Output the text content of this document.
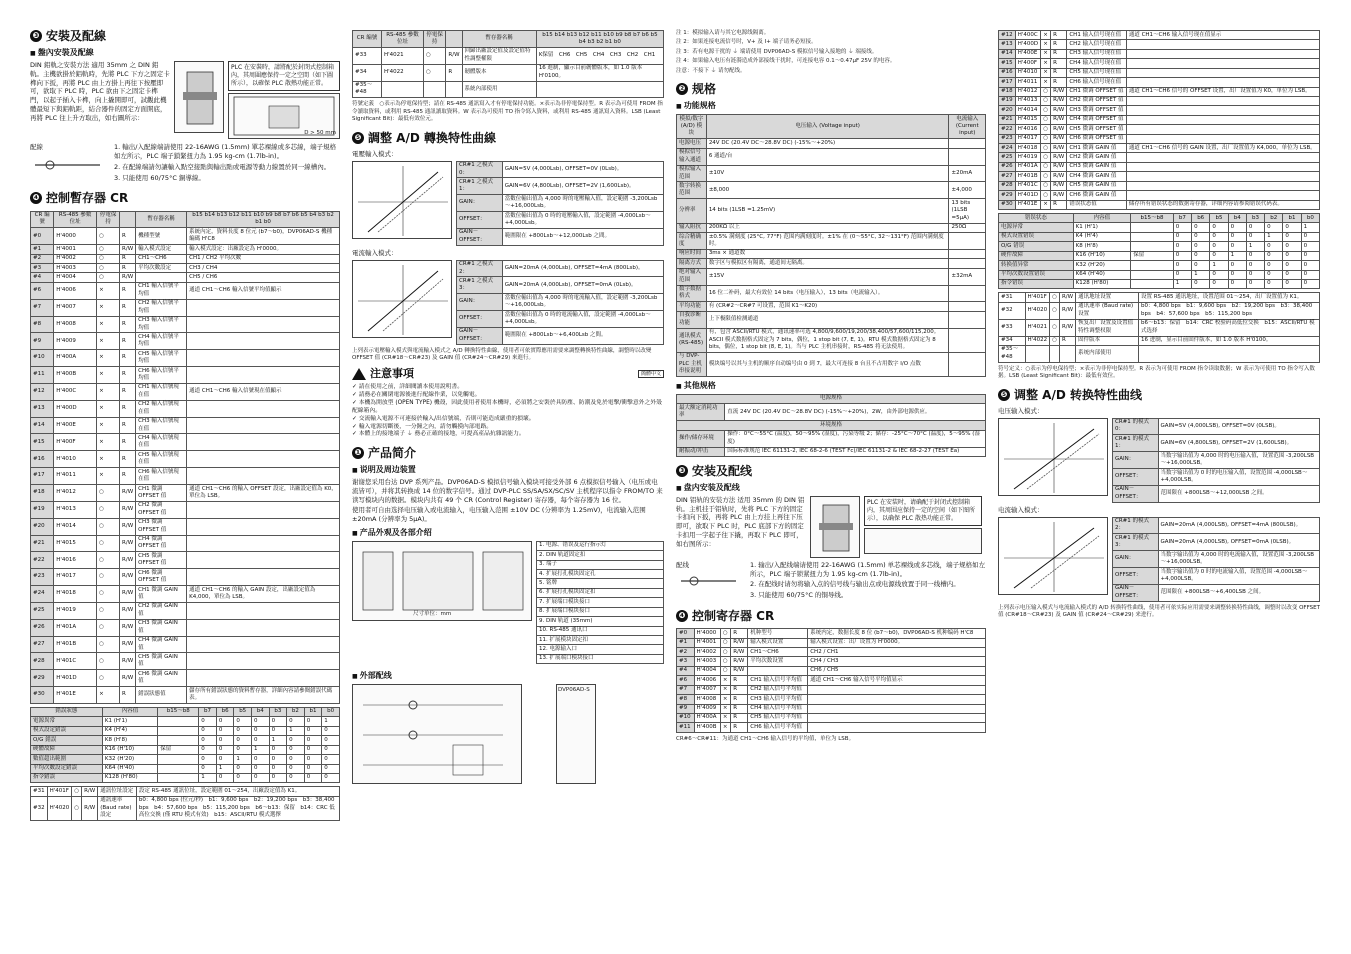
❸ 安裝及配線
■ 盤內安裝及配線

DIN 鋁軌之安裝方法 適用 35mm 之 DIN 鋁軌。主機欲掛於鋁軌時，先將 PLC 下方之固定卡榫向下扳，再將 PLC 由上方掛上再往下按壓即可，欲取下 PLC 時，PLC 欲由下之固定卡榫門，以起子插入卡榫，向上撬開即可，試觀此機體最短下與鋁軌距，結合器件的固定方面開底，再將 PLC 往上升方取出，如右圖所示：

PLC 在安裝時，請將配於封閉式控制箱內，其周圍應保持一定之空間（如下圖所示），以確保 PLC 散熱功能正常。
D > 50 mm
配線	1. 輸出/入配線端請使用 22-16AWG (1.5mm) 單芯裸線或多芯線，端子規格如左所示，PLC 端子鎖緊扭力為 1.95 kg-cm (1.7lb-in)。

2. 在配線端請勿讓輸入點空接點與輸出點或電源等動力線置於同一線槽內。

3. 只能使用 60/75°C 銅導線。

❹ 控制暫存器 CR
CR 編號	RS-485 參數位址	停電保持		暫存器名稱	b15 b14 b13 b12 b11 b10 b9 b8 b7 b6 b5 b4 b3 b2 b1 b0
#0	H'4000	○	R	機種型號	系統內定，資料長度 8 位元 (b7～b0)，DVP06AD-S 機種編碼 H'C8
#1	H'4001	○	R/W	輸入模式設定	輸入模式設定：出廠設定為 H'0000。
#2	H'4002	○	R	CH1～CH6	CH1 / CH2 平均次數
#3	H'4003	○	R	平均次數設定	CH3 / CH4
#4	H'4004	○	R/W		CH5 / CH6
#6	H'4006	×	R	CH1 輸入信號平均值	通道 CH1～CH6 輸入信號平均值顯示
#7	H'4007	×	R	CH2 輸入信號平均值	
#8	H'4008	×	R	CH3 輸入信號平均值	
#9	H'4009	×	R	CH4 輸入信號平均值	
#10	H'400A	×	R	CH5 輸入信號平均值	
#11	H'400B	×	R	CH6 輸入信號平均值	
#12	H'400C	×	R	CH1 輸入信號現在值	通道 CH1～CH6 輸入信號現在值顯示
#13	H'400D	×	R	CH2 輸入信號現在值	
#14	H'400E	×	R	CH3 輸入信號現在值	
#15	H'400F	×	R	CH4 輸入信號現在值	
#16	H'4010	×	R	CH5 輸入信號現在值	
#17	H'4011	×	R	CH6 輸入信號現在值	
#18	H'4012	○	R/W	CH1 微調 OFFSET 值	通道 CH1～CH6 的輸入 OFFSET 設定，出廠設定值為 K0，單位為 LSB。
#19	H'4013	○	R/W	CH2 微調 OFFSET 值	
#20	H'4014	○	R/W	CH3 微調 OFFSET 值	
#21	H'4015	○	R/W	CH4 微調 OFFSET 值	
#22	H'4016	○	R/W	CH5 微調 OFFSET 值	
#23	H'4017	○	R/W	CH6 微調 OFFSET 值	
#24	H'4018	○	R/W	CH1 微調 GAIN 值	通道 CH1～CH6 的輸入 GAIN 設定，出廠設定值為 K4,000，單位為 LSB。
#25	H'4019	○	R/W	CH2 微調 GAIN 值	
#26	H'401A	○	R/W	CH3 微調 GAIN 值	
#27	H'401B	○	R/W	CH4 微調 GAIN 值	
#28	H'401C	○	R/W	CH5 微調 GAIN 值	
#29	H'401D	○	R/W	CH6 微調 GAIN 值	
#30	H'401E	×	R	錯誤狀態值	儲存所有錯誤狀態的資料暫存器，詳細內容請參閱錯誤代碼表。
錯誤狀態	內容值	b15～b8	b7	b6	b5	b4	b3	b2	b1	b0
電源異常	K1 (H'1)		0	0	0	0	0	0	0	1
模式設定錯誤	K4 (H'4)		0	0	0	0	0	1	0	0
O/G 錯誤	K8 (H'8)		0	0	0	0	1	0	0	0
硬體故障	K16 (H'10)	保留	0	0	0	1	0	0	0	0
數值超出範圍	K32 (H'20)		0	0	1	0	0	0	0	0
平均次數設定錯誤	K64 (H'40)		0	1	0	0	0	0	0	0
指令錯誤	K128 (H'80)		1	0	0	0	0	0	0	0
#31	H'401F	○	R/W	通訊位址設定	設定 RS-485 通訊位址，設定範圍 01～254，出廠設定值為 K1。
#32	H'4020	○	R/W	通訊速率 (Baud rate) 設定	b0：4,800 bps (位元/秒)　b1：9,600 bps　b2：19,200 bps　b3：38,400 bps　b4：57,600 bps　b5：115,200 bps　b6～b13：保留　b14：CRC 低高位交換 (僅 RTU 模式有效)　b15：ASCII/RTU 模式選擇
CR 編號	RS-485 參數位址	停電保持		暫存器名稱	b15 b14 b13 b12 b11 b10 b9 b8 b7 b6 b5 b4 b3 b2 b1 b0
#33	H'4021	○	R/W	回歸出廠設定值及設定值特性調整權限	K保留　CH6　CH5　CH4　CH3　CH2　CH1
#34	H'4022	○	R	韌體版本	16 進制，顯示目前韌體版本，如 1.0 版本 H'0100。
#35～#48				系統內部使用	

符號定義　○表示為停電保持型；請在 RS-485 通訊寫入才有停電保持功能。×表示為非停電保持型。R 表示為可使用 FROM 指令讀取資料，或利用 RS-485 通訊讀取資料。W 表示為可使用 TO 指令寫入資料，或利用 RS-485 通訊寫入資料。LSB (Least Significant Bit)：最低有效位元。

❺ 調整 A/D 轉換特性曲線

電壓輸入模式：

CR#1 之模式 0：	GAIN=5V (4,000Lsb), OFFSET=0V (0Lsb)。
CR#1 之模式 1：	GAIN=6V (4,800Lsb), OFFSET=2V (1,600Lsb)。
GAIN：	當數位輸出值為 4,000 時的電壓輸入值，設定範圍 -3,200Lsb～+16,000Lsb。
OFFSET：	當數位輸出值為 0 時的電壓輸入值，設定範圍 -4,000Lsb～+4,000Lsb。
GAIN－OFFSET：	範圍限在 +800Lsb～+12,000Lsb 之間。

電流輸入模式：

CR#1 之模式 2：	GAIN=20mA (4,000Lsb), OFFSET=4mA (800Lsb)。
CR#1 之模式 3：	GAIN=20mA (4,000Lsb), OFFSET=0mA (0Lsb)。
GAIN：	當數位輸出值為 4,000 時的電流輸入值，設定範圍 -3,200Lsb～+16,000Lsb。
OFFSET：	當數位輸出值為 0 時的電流輸入值，設定範圍 -4,000Lsb～+4,000Lsb。
GAIN－OFFSET：	範圍限在 +800Lsb～+6,400Lsb 之間。

上列表示電壓輸入模式與電流輸入模式之 A/D 轉換特性曲線，使用者可依實際應用需要來調整轉換特性曲線，調整時以改變 OFFSET 值 (CR#18～CR#23) 及 GAIN 值 (CR#24～CR#29) 來進行。

注意事項	簡體中文
✓ 請在使用之前，詳細閱讀本使用說明書。
✓ 請務必在關閉電源後進行配線作業，以免觸電。
✓ 本機為開放型 (OPEN TYPE) 機殼，因此使用者使用本機時，必須將之安裝於具防塵、防潮及免於電擊/衝擊意外之外殼配線箱內。
✓ 交流輸入電源不可連接於輸入/出信號端，否則可能造成嚴重的損壞。
✓ 輸入電源切斷後，一分鐘之內，請勿觸摸內部電路。
✓ 本體上的接地端子 ⏚ 務必正確的接地，可提高產品抗雜訊能力。
❶ 产品简介
■ 说明及周边装置

谢谢您采用台达 DVP 系列产品。DVP06AD-S 模拟信号输入模块可接受外部 6 点模拟信号输入（电压或电流皆可），并将其转换成 14 位的数字信号。通过 DVP-PLC SS/SA/SX/SC/SV 主机程序以指令 FROM/TO 来读写模块内的数据。模块内共有 49 个 CR (Control Register) 寄存器，每个寄存器为 16 位。

使用者可自由选择电压输入或电流输入，电压输入范围 ±10V DC (分辨率为 1.25mV)，电流输入范围 ±20mA (分辨率为 5μA)。

■ 产品外观及各部介绍
尺寸单位：mm
1. 电源、错误及运行指示灯
2. DIN 轨道固定扣
3. 端子
4. 扩展打孔模块固定孔
5. 铭牌
6. 扩展打孔模块固定扣
7. 扩展端口模块接口
8. 扩展端口模块接口
9. DIN 轨道 (35mm)
10. RS-485 通讯口
11. 扩展模块固定扣
12. 电源输入口
13. 扩展端口模块接口
■ 外部配线
DVP06AD-S

注 1：模拟输入请与其它电源线隔离。

注 2：如果连接电流信号时，V+ 及 I+ 端子请务必短接。

注 3：若有电源干扰的 ⏚ 端请使用 DVP06AD-S 模拟信号输入接地的 ⏚ 端接线。

注 4：如果输入电压有涟漪造成外部接线干扰时，可连接电容 0.1～0.47μF 25V 的电容。

注意：不接下 ⏚ 请勿配线。

❷ 规格
■ 功能规格
模拟/数字 (A/D) 模块	电压输入 (Voltage input)	电流输入 (Current input)
电源电压	24V DC (20.4V DC～28.8V DC) (-15%～+20%)	
模拟信号输入通道	6 通道/台	
模拟输入范围	±10V	±20mA
数字转换范围	±8,000	±4,000
分辨率	14 bits (1LSB =1.25mV)	13 bits (1LSB =5μA)
输入阻抗	200KΩ 以上	250Ω
综合精确度	±0.5% 满刻度 (25°C, 77°F) 范围内满刻度时。±1% 在 (0～55°C, 32～131°F) 范围内满刻度时。	
响应时间	3ms × 通道数	
隔离方式	数字区与模拟区有隔离，通道间无隔离。	
绝对输入范围	±15V	±32mA
数字数据格式	16 位二补码，最大有效位 14 bits（电压输入），13 bits（电流输入）。	
平均功能	有 (CR#2～CR#7 可设置，范围 K1～K20)	
自我诊断功能	上下极限值检测通道	
通讯模式 (RS-485)	有，包含 ASCII/RTU 模式，通讯速率可选 4,800/9,600/19,200/38,400/57,600/115,200。ASCII 模式数据格式固定为 7 bits，偶位，1 stop bit (7, E, 1)。RTU 模式数据格式固定为 8 bits，偶位，1 stop bit (8, E, 1)。当与 PLC 主机串接时，RS-485 将无法使用。	
与 DVP-PLC 主机串接说明	模块编号以其与主机的顺序自动编号由 0 到 7，最大可连接 8 台且不占用数字 I/O 点数	
■ 其他规格
电源规格	
最大额定消耗功率	直流 24V DC (20.4V DC～28.8V DC) (-15%～+20%)，2W，由外部电源供应。
环境规格	
操作/储存环境	操作：0°C～55°C (温度)，50～95% (湿度)，污染等级 2；储存：-25°C～70°C (温度)，5～95% (湿度)
耐振动/冲击	国际标准规范 IEC 61131-2, IEC 68-2-6 (TEST Fc)/IEC 61131-2 & IEC 68-2-27 (TEST Ea)
❸ 安装及配线
■ 盘内安装及配线

DIN 铝轨的安装方法 适用 35mm 的 DIN 铝轨。主机挂于铝轨时，先将 PLC 下方的固定卡扣向下扳，再将 PLC 由上方挂上再往下压即可，欲取下 PLC 时，PLC 底部下方的固定卡扣用一字起子往下撬，再取下 PLC 即可，如右图所示：

PLC 在安装时，请确配于封闭式控制箱内，其周围应保持一定的空间（如下图所示），以确保 PLC 散热功能正常。
配线	1. 输出/入配线端请使用 22-16AWG (1.5mm) 单芯裸线或多芯线，端子规格如左所示，PLC 端子锁紧扭力为 1.95 kg-cm (1.7lb-in)。

2. 在配线时请勿将输入点的信号线与输出点或电源线放置于同一线槽内。

3. 只能使用 60/75°C 的铜导线。

❹ 控制寄存器 CR
#0	H'4000	○	R	机种型号	系统内定，数据长度 8 位 (b7～b0)，DVP06AD-S 机种编码 H'C8
#1	H'4001	○	R/W	输入模式设置	输入模式设置：出厂设置为 H'0000。
#2	H'4002	○	R/W	CH1～CH6	CH2 / CH1
#3	H'4003	○	R/W	平均次数设置	CH4 / CH3
#4	H'4004	○	R/W		CH6 / CH5
#6	H'4006	×	R	CH1 输入信号平均值	通道 CH1～CH6 输入信号平均值显示
#7	H'4007	×	R	CH2 输入信号平均值	
#8	H'4008	×	R	CH3 输入信号平均值	
#9	H'4009	×	R	CH4 输入信号平均值	
#10	H'400A	×	R	CH5 输入信号平均值	
#11	H'400B	×	R	CH6 输入信号平均值	

CR#6～CR#11：为通道 CH1～CH6 输入信号的平均值，单位为 LSB。

#12	H'400C	×	R	CH1 输入信号现在值	通道 CH1～CH6 输入信号现在值显示
#13	H'400D	×	R	CH2 输入信号现在值	
#14	H'400E	×	R	CH3 输入信号现在值	
#15	H'400F	×	R	CH4 输入信号现在值	
#16	H'4010	×	R	CH5 输入信号现在值	
#17	H'4011	×	R	CH6 输入信号现在值	
#18	H'4012	○	R/W	CH1 微调 OFFSET 值	通道 CH1～CH6 信号的 OFFSET 设置，出厂设置值为 K0，单位为 LSB。
#19	H'4013	○	R/W	CH2 微调 OFFSET 值	
#20	H'4014	○	R/W	CH3 微调 OFFSET 值	
#21	H'4015	○	R/W	CH4 微调 OFFSET 值	
#22	H'4016	○	R/W	CH5 微调 OFFSET 值	
#23	H'4017	○	R/W	CH6 微调 OFFSET 值	
#24	H'4018	○	R/W	CH1 微调 GAIN 值	通道 CH1～CH6 信号的 GAIN 设置，出厂设置值为 K4,000，单位为 LSB。
#25	H'4019	○	R/W	CH2 微调 GAIN 值	
#26	H'401A	○	R/W	CH3 微调 GAIN 值	
#27	H'401B	○	R/W	CH4 微调 GAIN 值	
#28	H'401C	○	R/W	CH5 微调 GAIN 值	
#29	H'401D	○	R/W	CH6 微调 GAIN 值	
#30	H'401E	×	R	错误状态值	储存所有错误状态的数据寄存器，详细内容请参阅错误代码表。
错误状态	内容值	b15～b8	b7	b6	b5	b4	b3	b2	b1	b0
电源异常	K1 (H'1)		0	0	0	0	0	0	0	1
模式设置错误	K4 (H'4)		0	0	0	0	0	1	0	0
O/G 错误	K8 (H'8)		0	0	0	0	1	0	0	0
硬件故障	K16 (H'10)	保留	0	0	0	1	0	0	0	0
转换值异常	K32 (H'20)		0	0	1	0	0	0	0	0
平均次数设置错误	K64 (H'40)		0	1	0	0	0	0	0	0
指令错误	K128 (H'80)		1	0	0	0	0	0	0	0
#31	H'401F	○	R/W	通讯地址设置	设置 RS-485 通讯地址，设置范围 01～254，出厂设置值为 K1。
#32	H'4020	○	R/W	通讯速率 (Baud rate) 设置	b0：4,800 bps　b1：9,600 bps　b2：19,200 bps　b3：38,400 bps　b4：57,600 bps　b5：115,200 bps
#33	H'4021	○	R/W	恢复出厂设置及设置值特性调整权限	b6～b13：保留　b14：CRC 校验码高低位交换　b15：ASCII/RTU 模式选择
#34	H'4022	○	R	固件版本	16 进制，显示目前固件版本，如 1.0 版本 H'0100。
#35～#48				系统内部使用	

符号定义：○表示为停电保持型；×表示为非停电保持型。R 表示为可使用 FROM 指令读取数据；W 表示为可使用 TO 指令写入数据。LSB (Least Significant Bit)：最低有效位。

❺ 调整 A/D 转换特性曲线

电压输入模式：

CR#1 的模式 0：	GAIN=5V (4,000LSB), OFFSET=0V (0LSB)。
CR#1 的模式 1：	GAIN=6V (4,800LSB), OFFSET=2V (1,600LSB)。
GAIN：	当数字输出值为 4,000 时的电压输入值，设置范围 -3,200LSB～+16,000LSB。
OFFSET：	当数字输出值为 0 时的电压输入值，设置范围 -4,000LSB～+4,000LSB。
GAIN－OFFSET：	范围限在 +800LSB～+12,000LSB 之间。

电流输入模式：

CR#1 的模式 2：	GAIN=20mA (4,000LSB), OFFSET=4mA (800LSB)。
CR#1 的模式 3：	GAIN=20mA (4,000LSB), OFFSET=0mA (0LSB)。
GAIN：	当数字输出值为 4,000 时的电流输入值，设置范围 -3,200LSB～+16,000LSB。
OFFSET：	当数字输出值为 0 时的电流输入值，设置范围 -4,000LSB～+4,000LSB。
GAIN－OFFSET：	范围限在 +800LSB～+6,400LSB 之间。

上列表示电压输入模式与电流输入模式的 A/D 转换特性曲线，使用者可依实际应用需要来调整转换特性曲线，调整时以改变 OFFSET 值 (CR#18～CR#23) 及 GAIN 值 (CR#24～CR#29) 来进行。
